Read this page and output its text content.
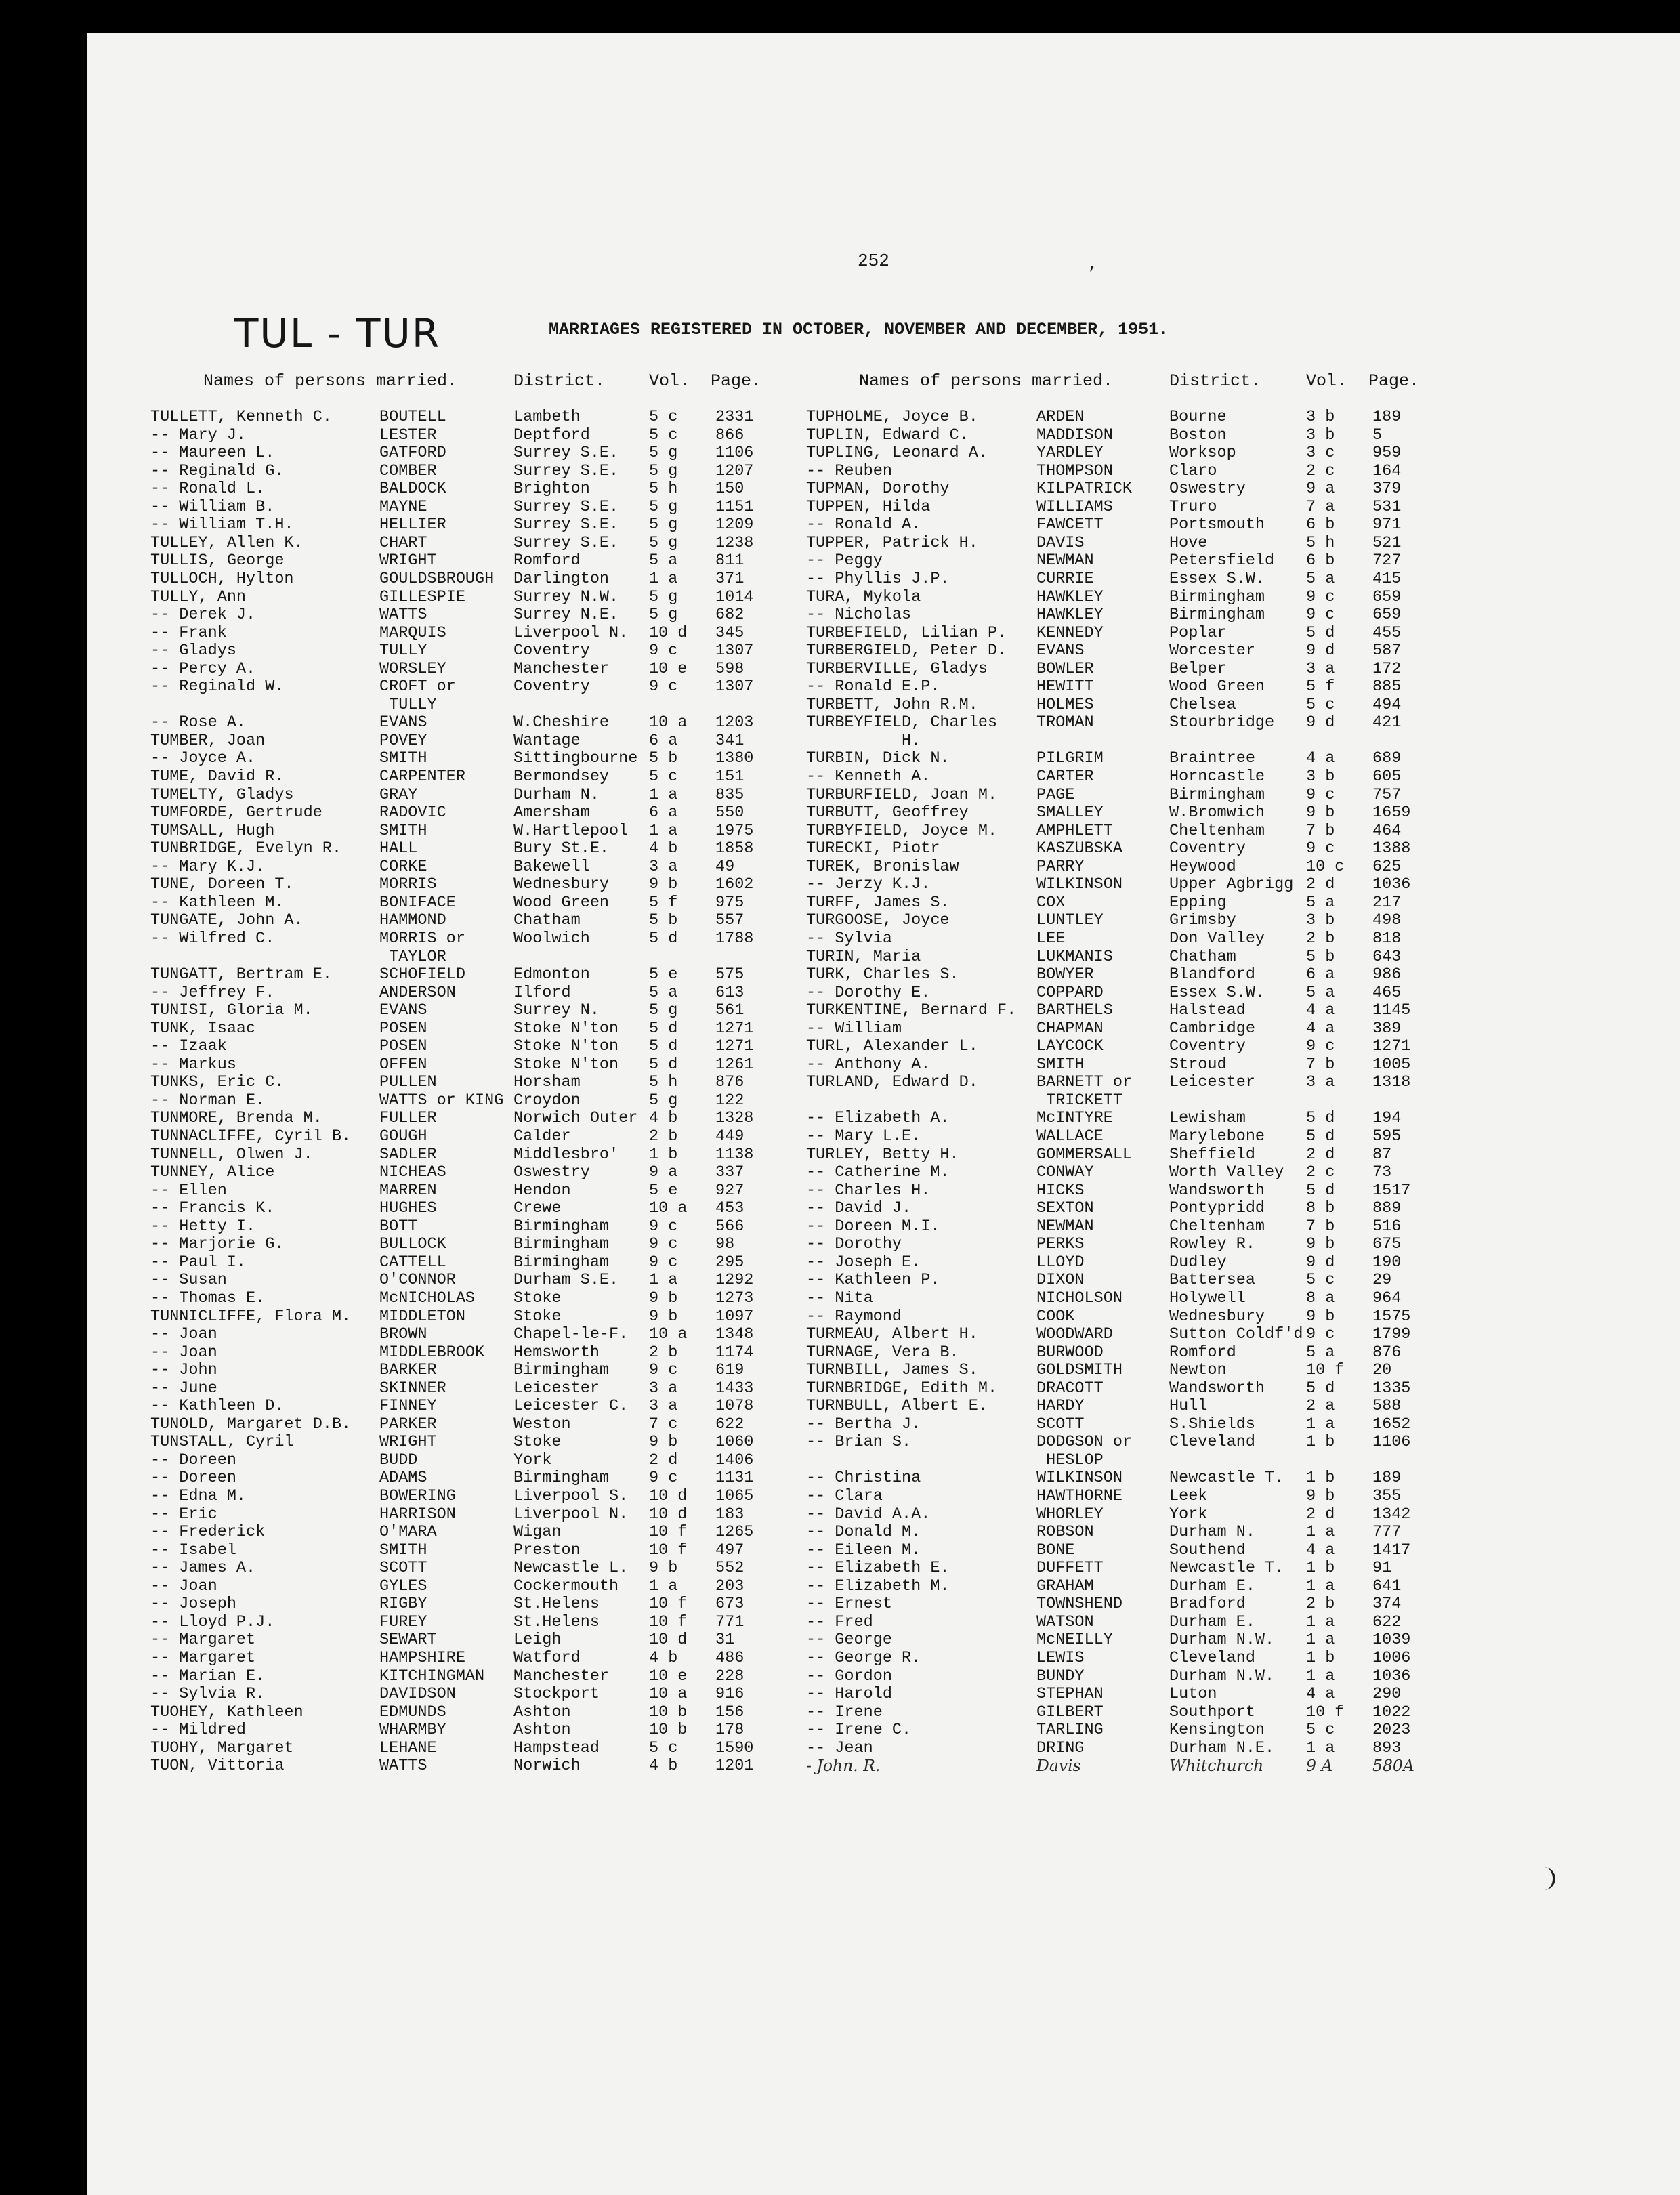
252	,
TUL - TUR	MARRIAGES REGISTERED IN OCTOBER, NOVEMBER AND DECEMBER, 1951.
Names of persons married.	District.	Vol. Page.	Names of persons married.	District.	Vol. Page.
TULLETT, Kenneth C.	BOUTELL	Lambeth	5 c 2331
-- Mary J.	LESTER	Deptford	5 c 866
-- Maureen L.	GATFORD	Surrey S.E. 5 g 1106
-- Reginald G.	COMBER	Surrey S.E. 5 g 1207
-- Ronald L.	BALDOCK	Brighton	5 h 150
-- William B.	MAYNE	Surrey S.E. 5 g 1151
-- William T.H.	HELLIER	Surrey S.E. 5 g 1209
TULLEY, Allen K.	CHART	Surrey S.E. 5 g 1238
TULLIS, George	WRIGHT	Romford	5 a 811
TULLOCH, Hylton	GOULDSBROUGH Darlington	1 a 371
TULLY, Ann	GILLESPIE	Surrey N.W. 5 g 1014
-- Derek J.	WATTS	Surrey N.E. 5 g 682
-- Frank	MARQUIS	Liverpool N. 10 d 345
-- Gladys	TULLY	Coventry	9 c 1307
-- Percy A.	WORSLEY	Manchester	10 e 598
-- Reginald W.	CROFT or	Coventry	9 c 1307
TULLY
-- Rose A.	EVANS	W.Cheshire	10 a 1203
TUMBER, Joan	POVEY	Wantage	6 a 341
-- Joyce A.	SMITH	Sittingbourne 5 b 1380
TUME, David R.	CARPENTER	Bermondsey	5 c 151
TUMELTY, Gladys	GRAY	Durham N.	1 a 835
TUMFORDE, Gertrude	RADOVIC	Amersham	6 a 550
TUMSALL, Hugh	SMITH	W.Hartlepool 1 a 1975
TUNBRIDGE, Evelyn R. HALL	Bury St.E.	4 b 1858
-- Mary K.J.	CORKE	Bakewell	3 a 49
TUNE, Doreen T.	MORRIS	Wednesbury	9 b 1602
-- Kathleen M.	BONIFACE	Wood Green	5 f 975
TUNGATE, John A.	HAMMOND	Chatham	5 b 557
-- Wilfred C.	MORRIS or	Woolwich	5 d 1788
TAYLOR
TUNGATT, Bertram E.	SCHOFIELD	Edmonton	5 e 575
-- Jeffrey F.	ANDERSON	Ilford	5 a 613
TUNISI, Gloria M.	EVANS	Surrey N.	5 g 561
TUNK, Isaac	POSEN	Stoke N'ton 5 d 1271
-- Izaak	POSEN	Stoke N'ton 5 d 1271
-- Markus	OFFEN	Stoke N'ton 5 d 1261
TUNKS, Eric C.	PULLEN	Horsham	5 h 876
-- Norman E.	WATTS or KING Croydon	5 g 122
TUNMORE, Brenda M.	FULLER	Norwich Outer 4 b 1328
TUNNACLIFFE, Cyril B. GOUGH	Calder	2 b 449
TUNNELL, Olwen J.	SADLER	Middlesbro' 1 b 1138
TUNNEY, Alice	NICHEAS	Oswestry	9 a 337
-- Ellen	MARREN	Hendon	5 e 927
-- Francis K.	HUGHES	Crewe	10 a 453
-- Hetty I.	BOTT	Birmingham	9 c 566
-- Marjorie G.	BULLOCK	Birmingham	9 c 98
-- Paul I.	CATTELL	Birmingham	9 c 295
-- Susan	O'CONNOR	Durham S.E. 1 a 1292
-- Thomas E.	McNICHOLAS Stoke	9 b 1273
TUNNICLIFFE, Flora M. MIDDLETON	Stoke	9 b 1097
-- Joan	BROWN	Chapel-le-F. 10 a 1348
-- Joan	MIDDLEBROOK Hemsworth	2 b 1174
-- John	BARKER	Birmingham	9 c 619
-- June	SKINNER	Leicester	3 a 1433
-- Kathleen D.	FINNEY	Leicester C. 3 a 1078
TUNOLD, Margaret D.B. PARKER	Weston	7 c 622
TUNSTALL, Cyril	WRIGHT	Stoke	9 b 1060
-- Doreen	BUDD	York	2 d 1406
-- Doreen	ADAMS	Birmingham	9 c 1131
-- Edna M.	BOWERING	Liverpool S. 10 d 1065
-- Eric	HARRISON	Liverpool N. 10 d 183
-- Frederick	O'MARA	Wigan	10 f 1265
-- Isabel	SMITH	Preston	10 f 497
-- James A.	SCOTT	Newcastle L. 9 b 552
-- Joan	GYLES	Cockermouth 1 a 203
-- Joseph	RIGBY	St.Helens	10 f 673
-- Lloyd P.J.	FUREY	St.Helens	10 f 771
-- Margaret	SEWART	Leigh	10 d 31
-- Margaret	HAMPSHIRE	Watford	4 b 486
-- Marian E.	KITCHINGMAN Manchester	10 e 228
-- Sylvia R.	DAVIDSON	Stockport	10 a 916
TUOHEY, Kathleen	EDMUNDS	Ashton	10 b 156
-- Mildred	WHARMBY	Ashton	10 b 178
TUOHY, Margaret	LEHANE	Hampstead	5 c 1590
TUON, Vittoria	WATTS	Norwich	4 b 1201
TUPHOLME, Joyce B.	ARDEN	Bourne	3 b 189
TUPLIN, Edward C.	MADDISON	Boston	3 b 5
TUPLING, Leonard A.	YARDLEY	Worksop	3 c 959
-- Reuben	THOMPSON	Claro	2 c 164
TUPMAN, Dorothy	KILPATRICK Oswestry	9 a 379
TUPPEN, Hilda	WILLIAMS	Truro	7 a 531
-- Ronald A.	FAWCETT	Portsmouth	6 b 971
TUPPER, Patrick H.	DAVIS	Hove	5 h 521
-- Peggy	NEWMAN	Petersfield 6 b 727
-- Phyllis J.P.	CURRIE	Essex S.W.	5 a 415
TURA, Mykola	HAWKLEY	Birmingham	9 c 659
-- Nicholas	HAWKLEY	Birmingham	9 c 659
TURBEFIELD, Lilian P. KENNEDY	Poplar	5 d 455
TURBERGIELD, Peter D. EVANS	Worcester	9 d 587
TURBERVILLE, Gladys	BOWLER	Belper	3 a 172
-- Ronald E.P.	HEWITT	Wood Green	5 f 885
TURBETT, John R.M.	HOLMES	Chelsea	5 c 494
TURBEYFIELD, Charles TROMAN	Stourbridge 9 d 421
H.
TURBIN, Dick N.	PILGRIM	Braintree	4 a 689
-- Kenneth A.	CARTER	Horncastle	3 b 605
TURBURFIELD, Joan M. PAGE	Birmingham	9 c 757
TURBUTT, Geoffrey	SMALLEY	W.Bromwich	9 b 1659
TURBYFIELD, Joyce M. AMPHLETT	Cheltenham	7 b 464
TURECKI, Piotr	KASZUBSKA	Coventry	9 c 1388
TUREK, Bronislaw	PARRY	Heywood	10 c 625
-- Jerzy K.J.	WILKINSON	Upper Agbrigg 2 d 1036
TURFF, James S.	COX	Epping	5 a 217
TURGOOSE, Joyce	LUNTLEY	Grimsby	3 b 498
-- Sylvia	LEE	Don Valley	2 b 818
TURIN, Maria	LUKMANIS	Chatham	5 b 643
TURK, Charles S.	BOWYER	Blandford	6 a 986
-- Dorothy E.	COPPARD	Essex S.W.	5 a 465
TURKENTINE, Bernard F. BARTHELS	Halstead	4 a 1145
-- William	CHAPMAN	Cambridge	4 a 389
TURL, Alexander L.	LAYCOCK	Coventry	9 c 1271
-- Anthony A.	SMITH	Stroud	7 b 1005
TURLAND, Edward D.	BARNETT or Leicester	3 a 1318
TRICKETT
-- Elizabeth A.	McINTYRE	Lewisham	5 d 194
-- Mary L.E.	WALLACE	Marylebone	5 d 595
TURLEY, Betty H.	GOMMERSALL Sheffield	2 d 87
-- Catherine M.	CONWAY	Worth Valley 2 c 73
-- Charles H.	HICKS	Wandsworth	5 d 1517
-- David J.	SEXTON	Pontypridd	8 b 889
-- Doreen M.I.	NEWMAN	Cheltenham	7 b 516
-- Dorothy	PERKS	Rowley R.	9 b 675
-- Joseph E.	LLOYD	Dudley	9 d 190
-- Kathleen P.	DIXON	Battersea	5 c 29
-- Nita	NICHOLSON	Holywell	8 a 964
-- Raymond	COOK	Wednesbury	9 b 1575
TURMEAU, Albert H.	WOODWARD	Sutton Coldf'd 9 c 1799
TURNAGE, Vera B.	BURWOOD	Romford	5 a 876
TURNBILL, James S.	GOLDSMITH	Newton	10 f 20
TURNBRIDGE, Edith M. DRACOTT	Wandsworth	5 d 1335
TURNBULL, Albert E.	HARDY	Hull	2 a 588
-- Bertha J.	SCOTT	S.Shields	1 a 1652
-- Brian S.	DODGSON or Cleveland	1 b 1106
HESLOP
-- Christina	WILKINSON	Newcastle T. 1 b 189
-- Clara	HAWTHORNE	Leek	9 b 355
-- David A.A.	WHORLEY	York	2 d 1342
-- Donald M.	ROBSON	Durham N.	1 a 777
-- Eileen M.	BONE	Southend	4 a 1417
-- Elizabeth E.	DUFFETT	Newcastle T. 1 b 91
-- Elizabeth M.	GRAHAM	Durham E.	1 a 641
-- Ernest	TOWNSHEND	Bradford	2 b 374
-- Fred	WATSON	Durham E.	1 a 622
-- George	McNEILLY	Durham N.W. 1 a 1039
-- George R.	LEWIS	Cleveland	1 b 1006
-- Gordon	BUNDY	Durham N.W. 1 a 1036
-- Harold	STEPHAN	Luton	4 a 290
-- Irene	GILBERT	Southport	10 f 1022
-- Irene C.	TARLING	Kensington	5 c 2023
-- Jean	DRING	Durham N.E. 1 a 893
- John. R.	Davis	Whitchurch	9 A 580A
